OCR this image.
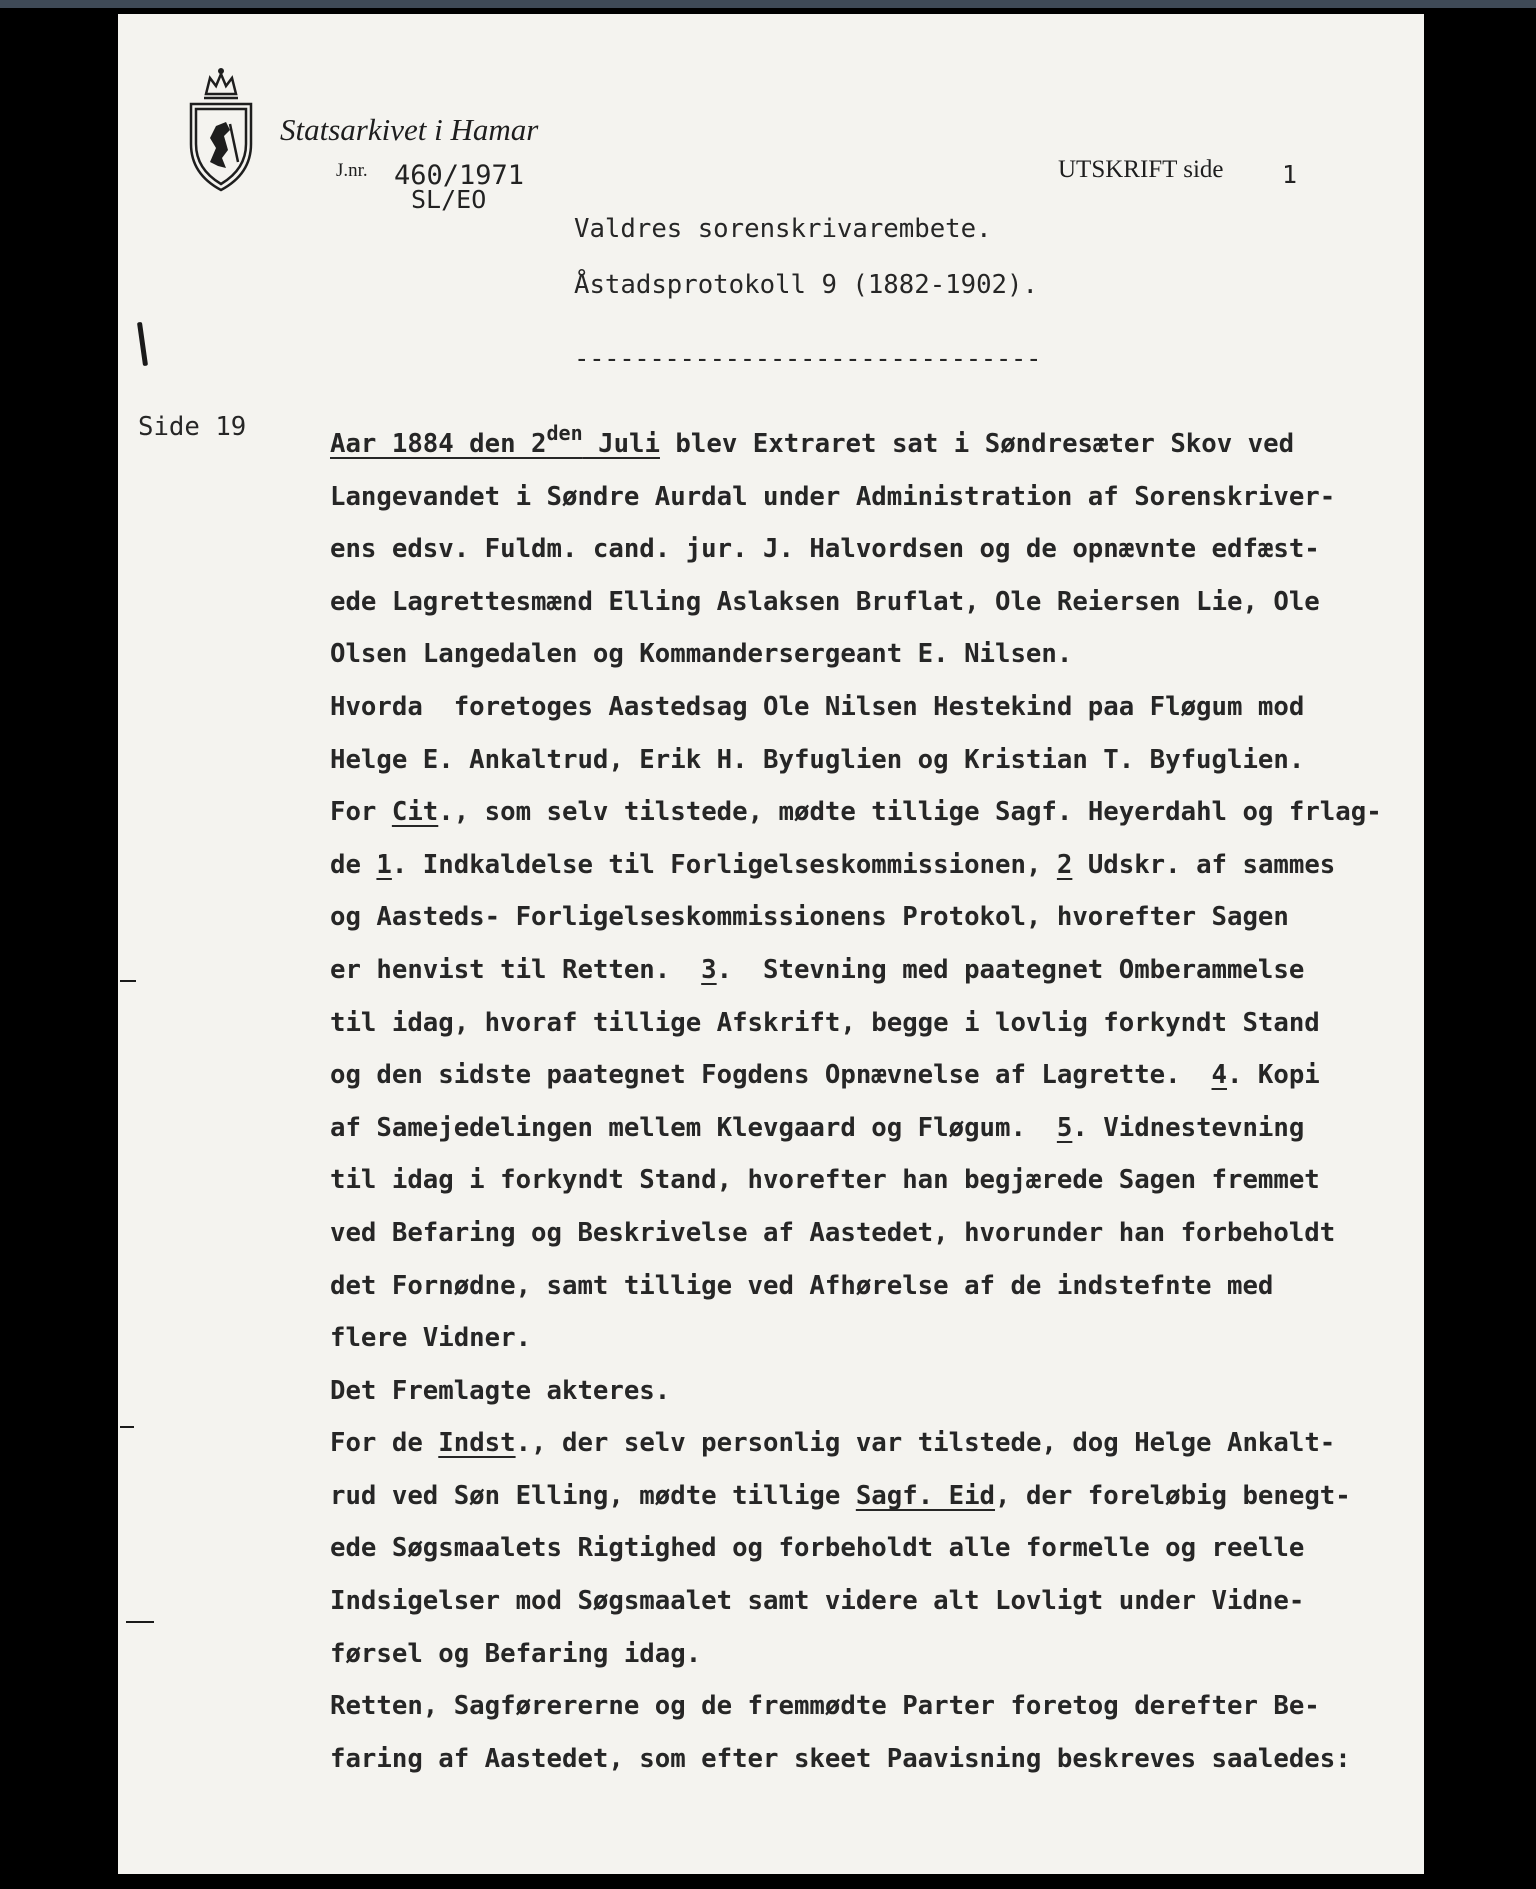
Statsarkivet i Hamar
J.nr. 460/1971
SL/EO
UTSKRIFT side 1
Valdres sorenskrivarembete.
Åstadsprotokoll 9 (1882-1902).
-------------------------------
Side 19

Aar 1884 den $2^{den}$ Juli blev Extraret sat i Søndresæter Skov ved

Langevandet i Søndre Aurdal under Administration af Sorenskriver-

ens edsv. Fuldm. cand. jur. J. Halvordsen og de opnævnte edfæst-

ede Lagrettesmænd Elling Aslaksen Bruflat, Ole Reiersen Lie, Ole

Olsen Langedalen og Kommandersergeant E. Nilsen.

Hvorda  foretoges Aastedsag Ole Nilsen Hestekind paa Fløgum mod

Helge E. Ankaltrud, Erik H. Byfuglien og Kristian T. Byfuglien.

For Cit., som selv tilstede, mødte tillige Sagf. Heyerdahl og frlag-

de 1. Indkaldelse til Forligelseskommissionen, 2 Udskr. af sammes

og Aasteds- Forligelseskommissionens Protokol, hvorefter Sagen

er henvist til Retten.  3.  Stevning med paategnet Omberammelse

til idag, hvoraf tillige Afskrift, begge i lovlig forkyndt Stand

og den sidste paategnet Fogdens Opnævnelse af Lagrette.  4. Kopi

af Samejedelingen mellem Klevgaard og Fløgum.  5. Vidnestevning

til idag i forkyndt Stand, hvorefter han begjærede Sagen fremmet

ved Befaring og Beskrivelse af Aastedet, hvorunder han forbeholdt

det Fornødne, samt tillige ved Afhørelse af de indstefnte med

flere Vidner.

Det Fremlagte akteres.

For de Indst., der selv personlig var tilstede, dog Helge Ankalt-

rud ved Søn Elling, mødte tillige Sagf. Eid, der foreløbig benegt-

ede Søgsmaalets Rigtighed og forbeholdt alle formelle og reelle

Indsigelser mod Søgsmaalet samt videre alt Lovligt under Vidne-

førsel og Befaring idag.

Retten, Sagførererne og de fremmødte Parter foretog derefter Be-

faring af Aastedet, som efter skeet Paavisning beskreves saaledes:
